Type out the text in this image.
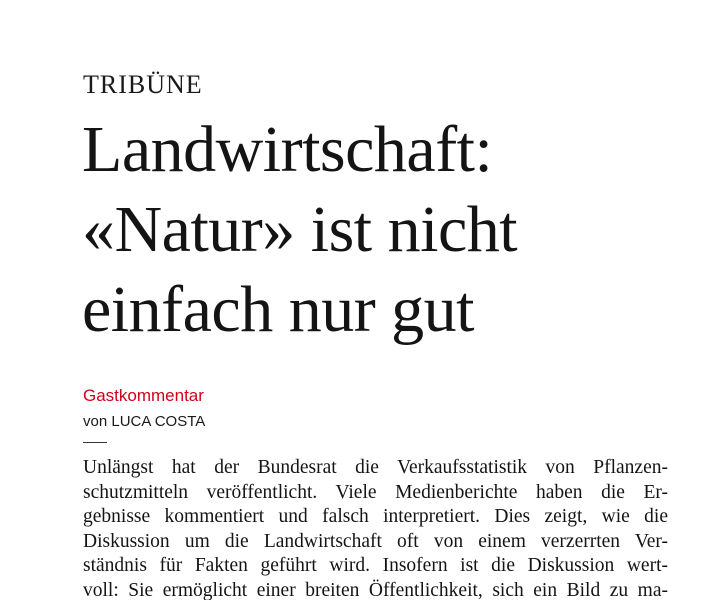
TRIBÜNE
Landwirtschaft:
«Natur» ist nicht
einfach nur gut
Gastkommentar
von LUCA COSTA
Unlängst hat der Bundesrat die Verkaufsstatistik von Pflanzen-
schutzmitteln veröffentlicht. Viele Medienberichte haben die Er-
gebnisse kommentiert und falsch interpretiert. Dies zeigt, wie die
Diskussion um die Landwirtschaft oft von einem verzerrten Ver-
ständnis für Fakten geführt wird. Insofern ist die Diskussion wert-
voll: Sie ermöglicht einer breiten Öffentlichkeit, sich ein Bild zu ma-
